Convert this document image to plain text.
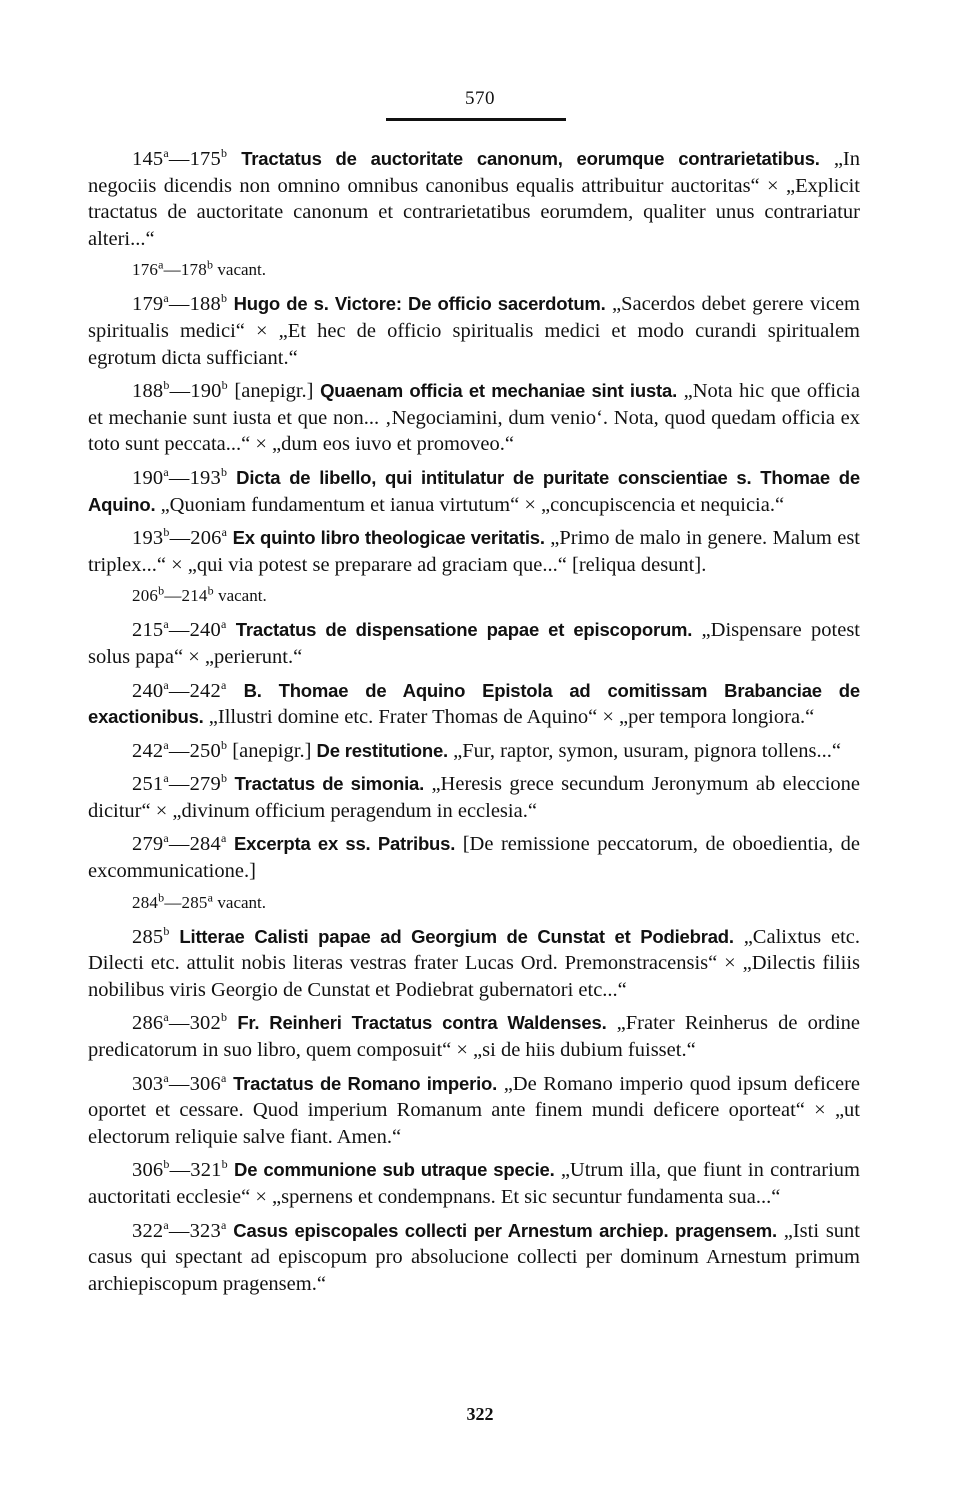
570

145$^a$—175$^b$ Tractatus de auctoritate canonum, eorumque contrarietatibus. „In negociis dicendis non omnino omnibus canonibus equalis attribuitur auctoritas“ × „Explicit tractatus de auctoritate canonum et contrarietatibus eorumdem, qualiter unus contrariatur alteri...“

176$^a$—178$^b$ vacant.

179$^a$—188$^b$ Hugo de s. Victore: De officio sacerdotum. „Sacerdos debet gerere vicem spiritualis medici“ × „Et hec de officio spiritualis medici et modo curandi spiritualem egrotum dicta sufficiant.“

188$^b$—190$^b$ [anepigr.] Quaenam officia et mechaniae sint iusta. „Nota hic que officia et mechanie sunt iusta et que non... ‚Negociamini, dum venio‘. Nota, quod quedam officia ex toto sunt peccata...“ × „dum eos iuvo et promoveo.“

190$^a$—193$^b$ Dicta de libello, qui intitulatur de puritate conscientiae s. Thomae de Aquino. „Quoniam fundamentum et ianua virtutum“ × „concupiscencia et nequicia.“

193$^b$—206$^a$ Ex quinto libro theologicae veritatis. „Primo de malo in genere. Malum est triplex...“ × „qui via potest se preparare ad graciam que...“ [reliqua desunt].

206$^b$—214$^b$ vacant.

215$^a$—240$^a$ Tractatus de dispensatione papae et episcoporum. „Dispensare potest solus papa“ × „perierunt.“

240$^a$—242$^a$ B. Thomae de Aquino Epistola ad comitissam Brabanciae de exactionibus. „Illustri domine etc. Frater Thomas de Aquino“ × „per tempora longiora.“

242$^a$—250$^b$ [anepigr.] De restitutione. „Fur, raptor, symon, usuram, pignora tollens...“

251$^a$—279$^b$ Tractatus de simonia. „Heresis grece secundum Jeronymum ab eleccione dicitur“ × „divinum officium peragendum in ecclesia.“

279$^a$—284$^a$ Excerpta ex ss. Patribus. [De remissione peccatorum, de oboedientia, de excommunicatione.]

284$^b$—285$^a$ vacant.

285$^b$ Litterae Calisti papae ad Georgium de Cunstat et Podiebrad. „Calixtus etc. Dilecti etc. attulit nobis literas vestras frater Lucas Ord. Premonstracensis“ × „Dilectis filiis nobilibus viris Georgio de Cunstat et Podiebrat gubernatori etc...“

286$^a$—302$^b$ Fr. Reinheri Tractatus contra Waldenses. „Frater Reinherus de ordine predicatorum in suo libro, quem composuit“ × „si de hiis dubium fuisset.“

303$^a$—306$^a$ Tractatus de Romano imperio. „De Romano imperio quod ipsum deficere oportet et cessare. Quod imperium Romanum ante finem mundi deficere oporteat“ × „ut electorum reliquie salve fiant. Amen.“

306$^b$—321$^b$ De communione sub utraque specie. „Utrum illa, que fiunt in contrarium auctoritati ecclesie“ × „spernens et condempnans. Et sic secuntur fundamenta sua...“

322$^a$—323$^a$ Casus episcopales collecti per Arnestum archiep. pragensem. „Isti sunt casus qui spectant ad episcopum pro absolucione collecti per dominum Arnestum primum archiepiscopum pragensem.“

322
